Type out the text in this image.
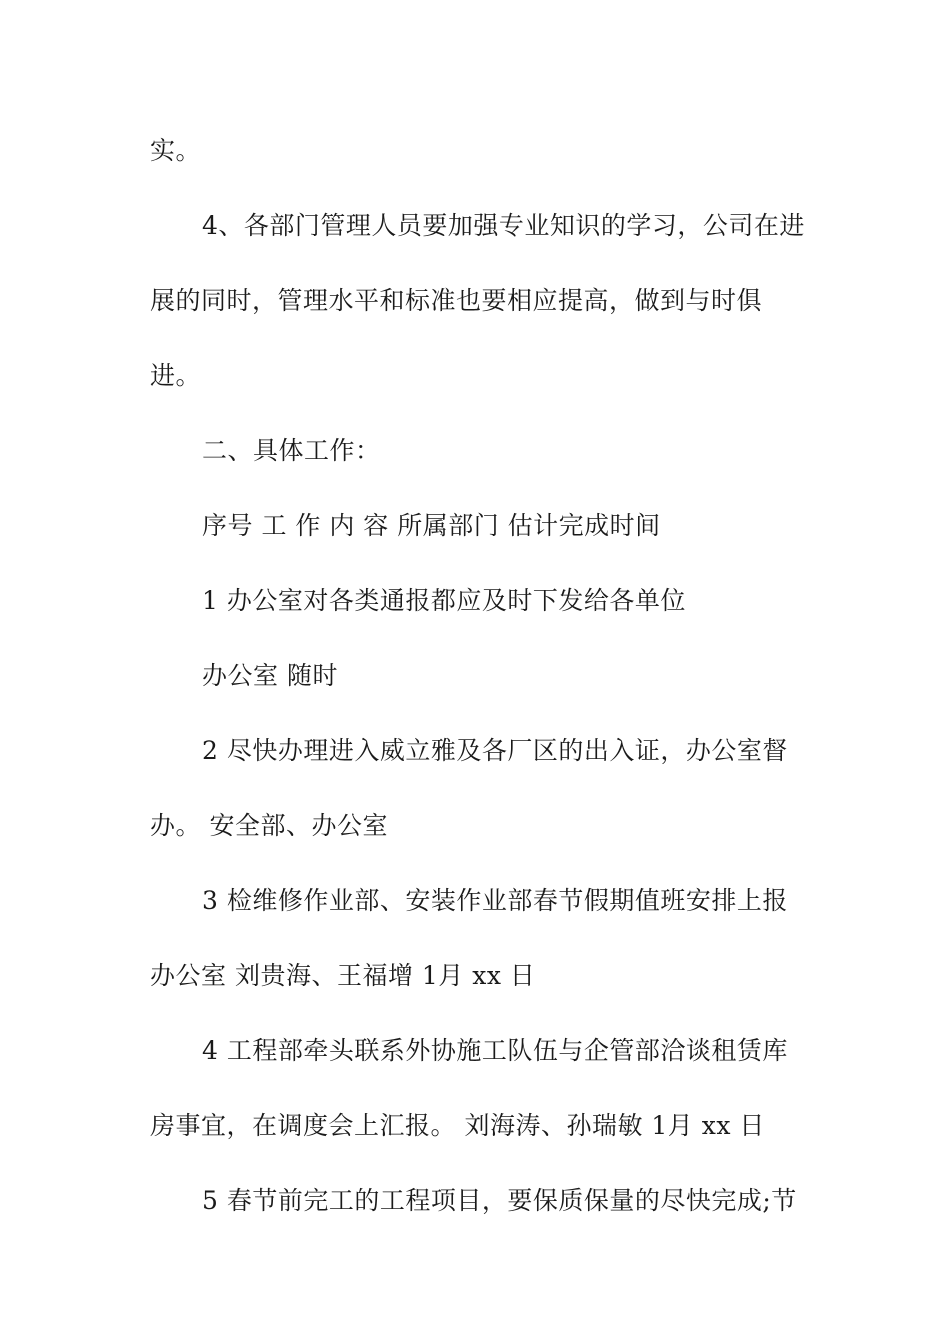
实。
4、各部门管理人员要加强专业知识的学习，公司在进
展的同时，管理水平和标准也要相应提高，做到与时俱
进。
二、具体工作：
序号 工 作 内 容 所属部门 估计完成时间
1 办公室对各类通报都应及时下发给各单位
办公室 随时
2 尽快办理进入威立雅及各厂区的出入证，办公室督
办。 安全部、办公室
3 检维修作业部、安装作业部春节假期值班安排上报
办公室 刘贵海、王福增 1月 xx 日
4 工程部牵头联系外协施工队伍与企管部洽谈租赁库
房事宜，在调度会上汇报。 刘海涛、孙瑞敏 1月 xx 日
5 春节前完工的工程项目，要保质保量的尽快完成;节
